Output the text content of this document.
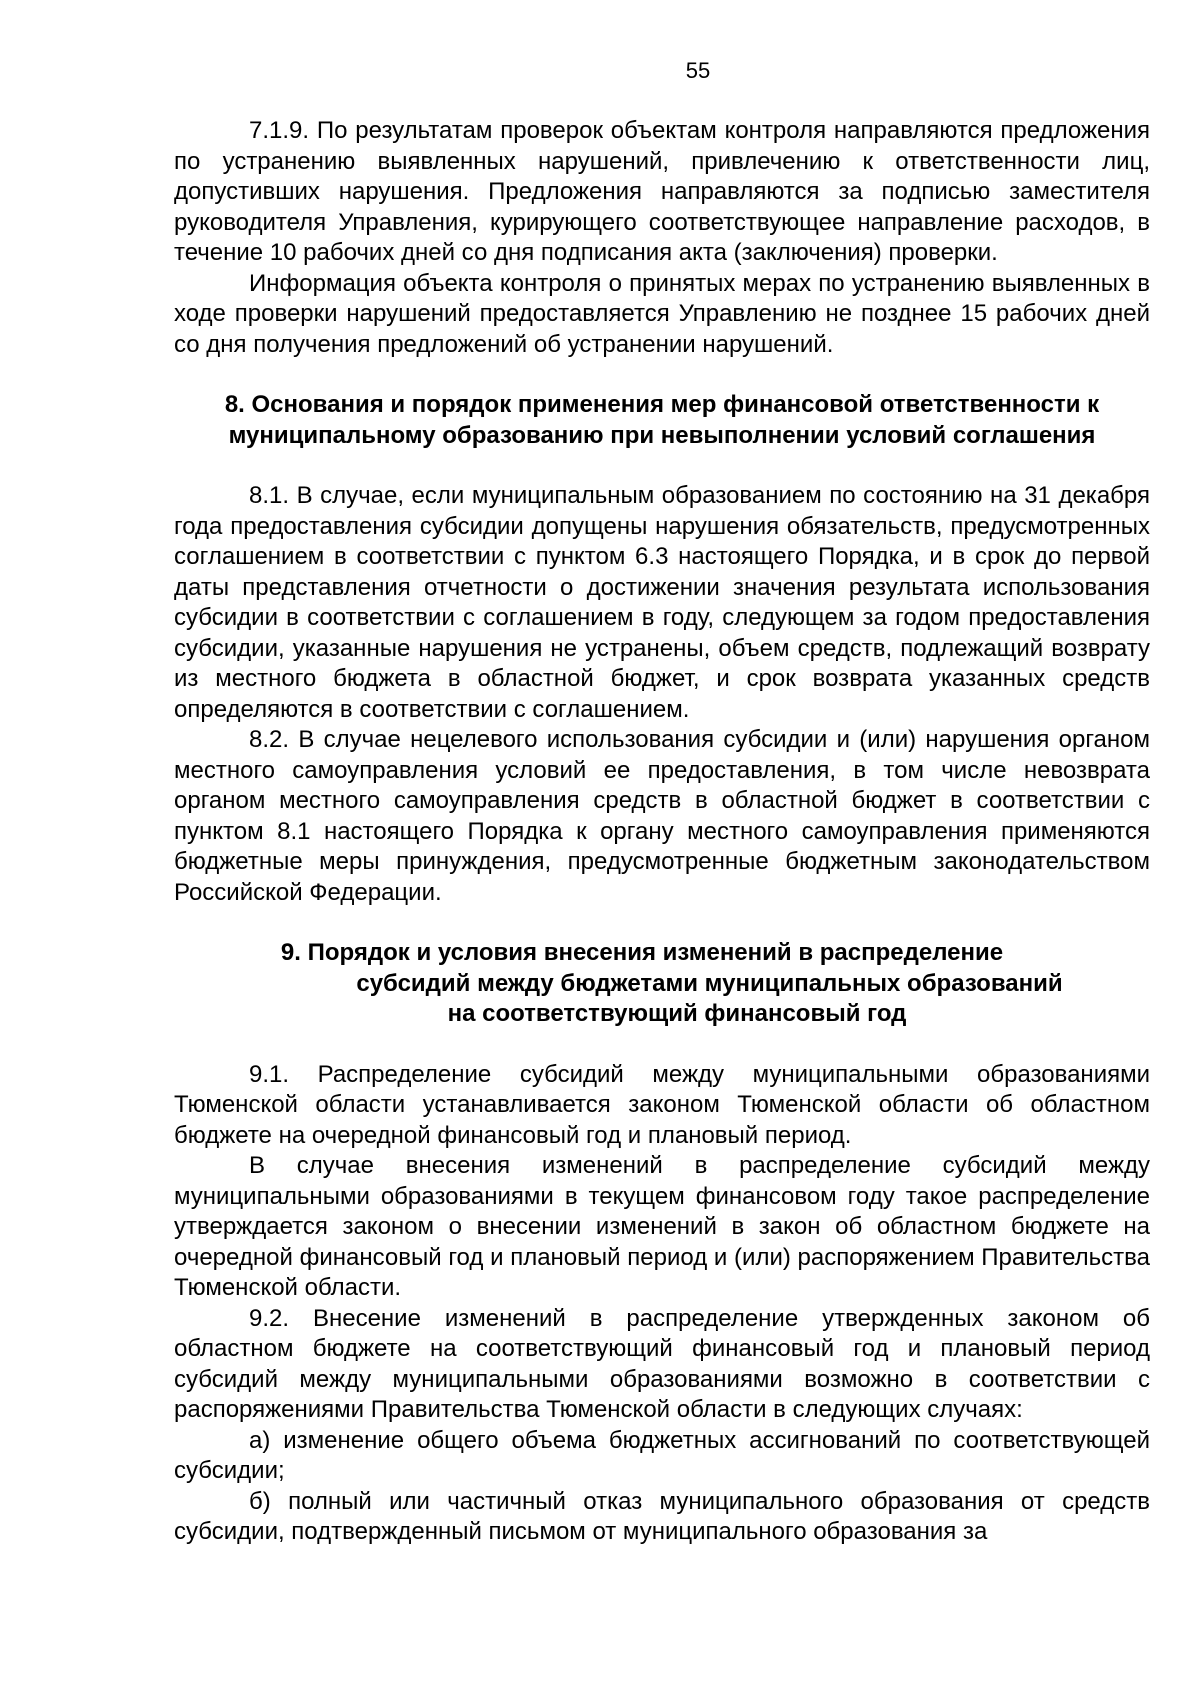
55

7.1.9. По результатам проверок объектам контроля направляются предложения по устранению выявленных нарушений, привлечению к ответственности лиц, допустивших нарушения. Предложения направляются за подписью заместителя руководителя Управления, курирующего соответствующее направление расходов, в течение 10 рабочих дней со дня подписания акта (заключения) проверки.

Информация объекта контроля о принятых мерах по устранению выявленных в ходе проверки нарушений предоставляется Управлению не позднее 15 рабочих дней со дня получения предложений об устранении нарушений.

8. Основания и порядок применения мер финансовой ответственности к муниципальному образованию при невыполнении условий соглашения

8.1. В случае, если муниципальным образованием по состоянию на 31 декабря года предоставления субсидии допущены нарушения обязательств, предусмотренных соглашением в соответствии с пунктом 6.3 настоящего Порядка, и в срок до первой даты представления отчетности о достижении значения результата использования субсидии в соответствии с соглашением в году, следующем за годом предоставления субсидии, указанные нарушения не устранены, объем средств, подлежащий возврату из местного бюджета в областной бюджет, и срок возврата указанных средств определяются в соответствии с соглашением.

8.2. В случае нецелевого использования субсидии и (или) нарушения органом местного самоуправления условий ее предоставления, в том числе невозврата органом местного самоуправления средств в областной бюджет в соответствии с пунктом 8.1 настоящего Порядка к органу местного самоуправления применяются бюджетные меры принуждения, предусмотренные бюджетным законодательством Российской Федерации.

9. Порядок и условия внесения изменений в распределение
субсидий между бюджетами муниципальных образований
на соответствующий финансовый год

9.1. Распределение субсидий между муниципальными образованиями Тюменской области устанавливается законом Тюменской области об областном бюджете на очередной финансовый год и плановый период.

В случае внесения изменений в распределение субсидий между муниципальными образованиями в текущем финансовом году такое распределение утверждается законом о внесении изменений в закон об областном бюджете на очередной финансовый год и плановый период и (или) распоряжением Правительства Тюменской области.

9.2. Внесение изменений в распределение утвержденных законом об областном бюджете на соответствующий финансовый год и плановый период субсидий между муниципальными образованиями возможно в соответствии с распоряжениями Правительства Тюменской области в следующих случаях:

а) изменение общего объема бюджетных ассигнований по соответствующей субсидии;

б) полный или частичный отказ муниципального образования от средств субсидии, подтвержденный письмом от муниципального образования за
